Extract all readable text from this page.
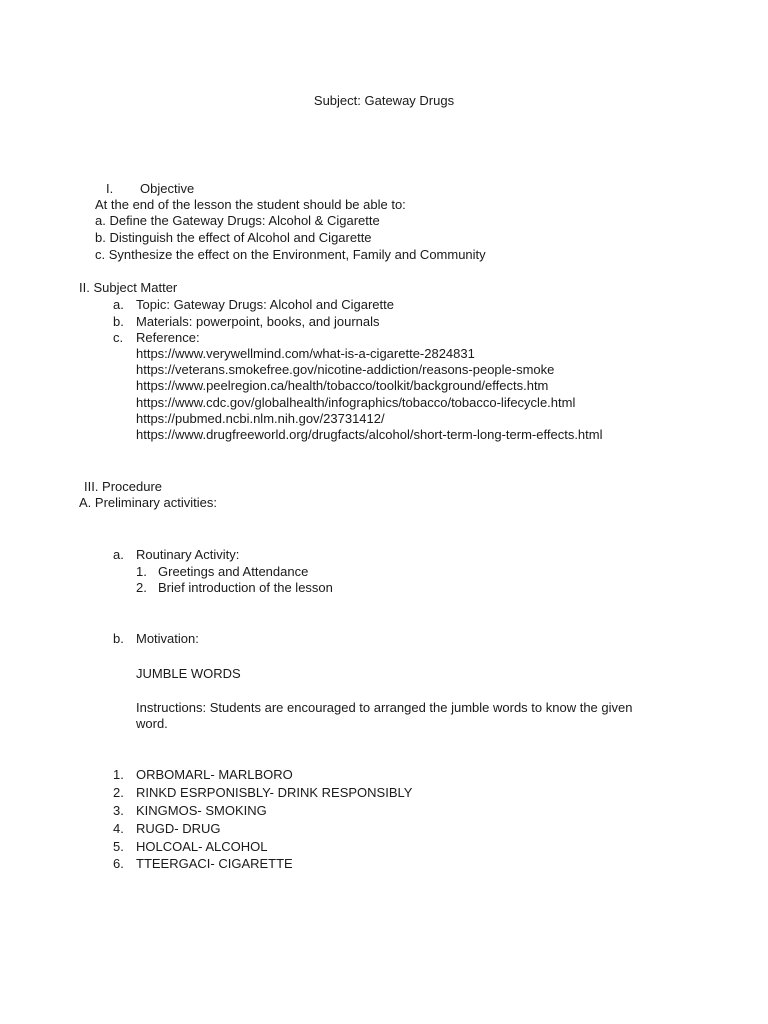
Subject: Gateway Drugs
I. Objective
At the end of the lesson the student should be able to:
a. Define the Gateway Drugs: Alcohol & Cigarette
b. Distinguish the effect of Alcohol and Cigarette
c. Synthesize the effect on the Environment, Family and Community
II. Subject Matter
a. Topic: Gateway Drugs: Alcohol and Cigarette
b. Materials: powerpoint, books, and journals
c. Reference:
https://www.verywellmind.com/what-is-a-cigarette-2824831
https://veterans.smokefree.gov/nicotine-addiction/reasons-people-smoke
https://www.peelregion.ca/health/tobacco/toolkit/background/effects.htm
https://www.cdc.gov/globalhealth/infographics/tobacco/tobacco-lifecycle.html
https://pubmed.ncbi.nlm.nih.gov/23731412/
https://www.drugfreeworld.org/drugfacts/alcohol/short-term-long-term-effects.html
III. Procedure
A. Preliminary activities:
a. Routinary Activity:
1. Greetings and Attendance
2. Brief introduction of the lesson
b. Motivation:
JUMBLE WORDS
Instructions: Students are encouraged to arranged the jumble words to know the given
word.
1. ORBOMARL- MARLBORO
2. RINKD ESRPONISBLY- DRINK RESPONSIBLY
3. KINGMOS- SMOKING
4. RUGD- DRUG
5. HOLCOAL- ALCOHOL
6. TTEERGACI- CIGARETTE
